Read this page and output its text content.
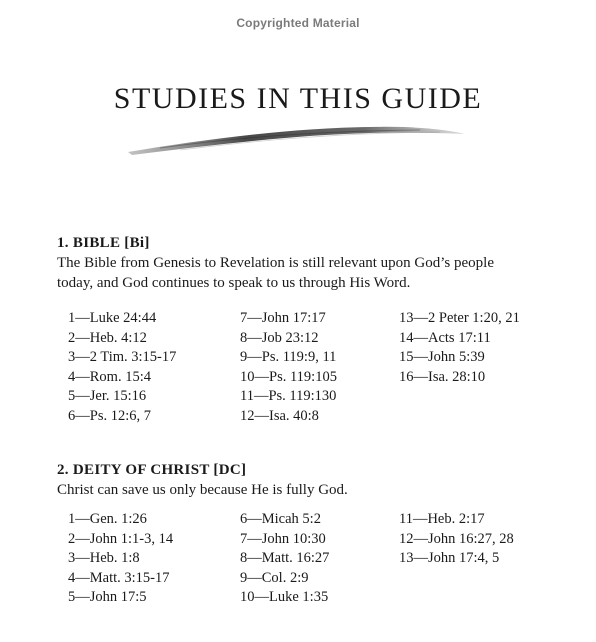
Copyrighted Material
STUDIES IN THIS GUIDE

1. BIBLE [Bi]

The Bible from Genesis to Revelation is still relevant upon God’s people

today, and God continues to speak to us through His Word.

1—Luke 24:44
2—Heb. 4:12
3—2 Tim. 3:15-17
4—Rom. 15:4
5—Jer. 15:16
6—Ps. 12:6, 7
7—John 17:17
8—Job 23:12
9—Ps. 119:9, 11
10—Ps. 119:105
11—Ps. 119:130
12—Isa. 40:8
13—2 Peter 1:20, 21
14—Acts 17:11
15—John 5:39
16—Isa. 28:10

2. DEITY OF CHRIST [DC]

Christ can save us only because He is fully God.

1—Gen. 1:26
2—John 1:1-3, 14
3—Heb. 1:8
4—Matt. 3:15-17
5—John 17:5
6—Micah 5:2
7—John 10:30
8—Matt. 16:27
9—Col. 2:9
10—Luke 1:35
11—Heb. 2:17
12—John 16:27, 28
13—John 17:4, 5
